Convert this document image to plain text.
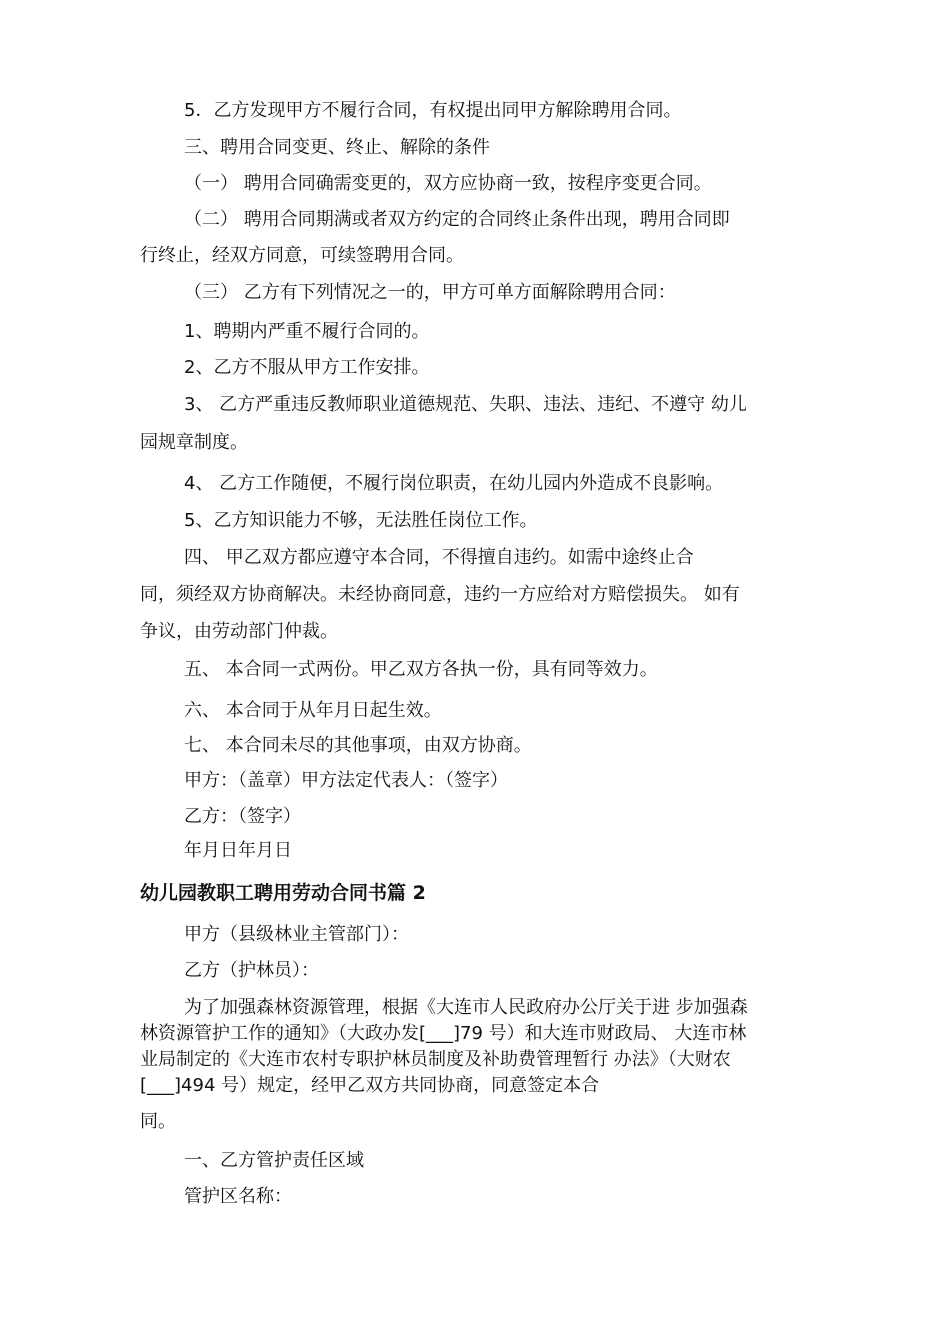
5．乙方发现甲方不履行合同，有权提出同甲方解除聘用合同。
三、聘用合同变更、终止、解除的条件
（一） 聘用合同确需变更的，双方应协商一致，按程序变更合同。
（二） 聘用合同期满或者双方约定的合同终止条件出现，聘用合同即
行终止，经双方同意，可续签聘用合同。
（三） 乙方有下列情况之一的，甲方可单方面解除聘用合同：
1、聘期内严重不履行合同的。
2、乙方不服从甲方工作安排。
3、 乙方严重违反教师职业道德规范、失职、违法、违纪、不遵守 幼儿
园规章制度。
4、 乙方工作随便，不履行岗位职责，在幼儿园内外造成不良影响。
5、乙方知识能力不够，无法胜任岗位工作。
四、 甲乙双方都应遵守本合同，不得擅自违约。如需中途终止合
同，须经双方协商解决。未经协商同意，违约一方应给对方赔偿损失。 如有
争议，由劳动部门仲裁。
五、 本合同一式两份。甲乙双方各执一份，具有同等效力。
六、 本合同于从年月日起生效。
七、 本合同未尽的其他事项，由双方协商。
甲方：（盖章）甲方法定代表人：（签字）
乙方：（签字）
年月日年月日
幼儿园教职工聘用劳动合同书篇 2
甲方（县级林业主管部门）：
乙方（护林员）：
为了加强森林资源管理，根据《大连市人民政府办公厅关于进 步加强森
林资源管护工作的通知》（大政办发[___]79 号）和大连市财政局、 大连市林
业局制定的《大连市农村专职护林员制度及补助费管理暂行 办法》（大财农
[___]494 号）规定，经甲乙双方共同协商，同意签定本合
同。
一、乙方管护责任区域
管护区名称：
